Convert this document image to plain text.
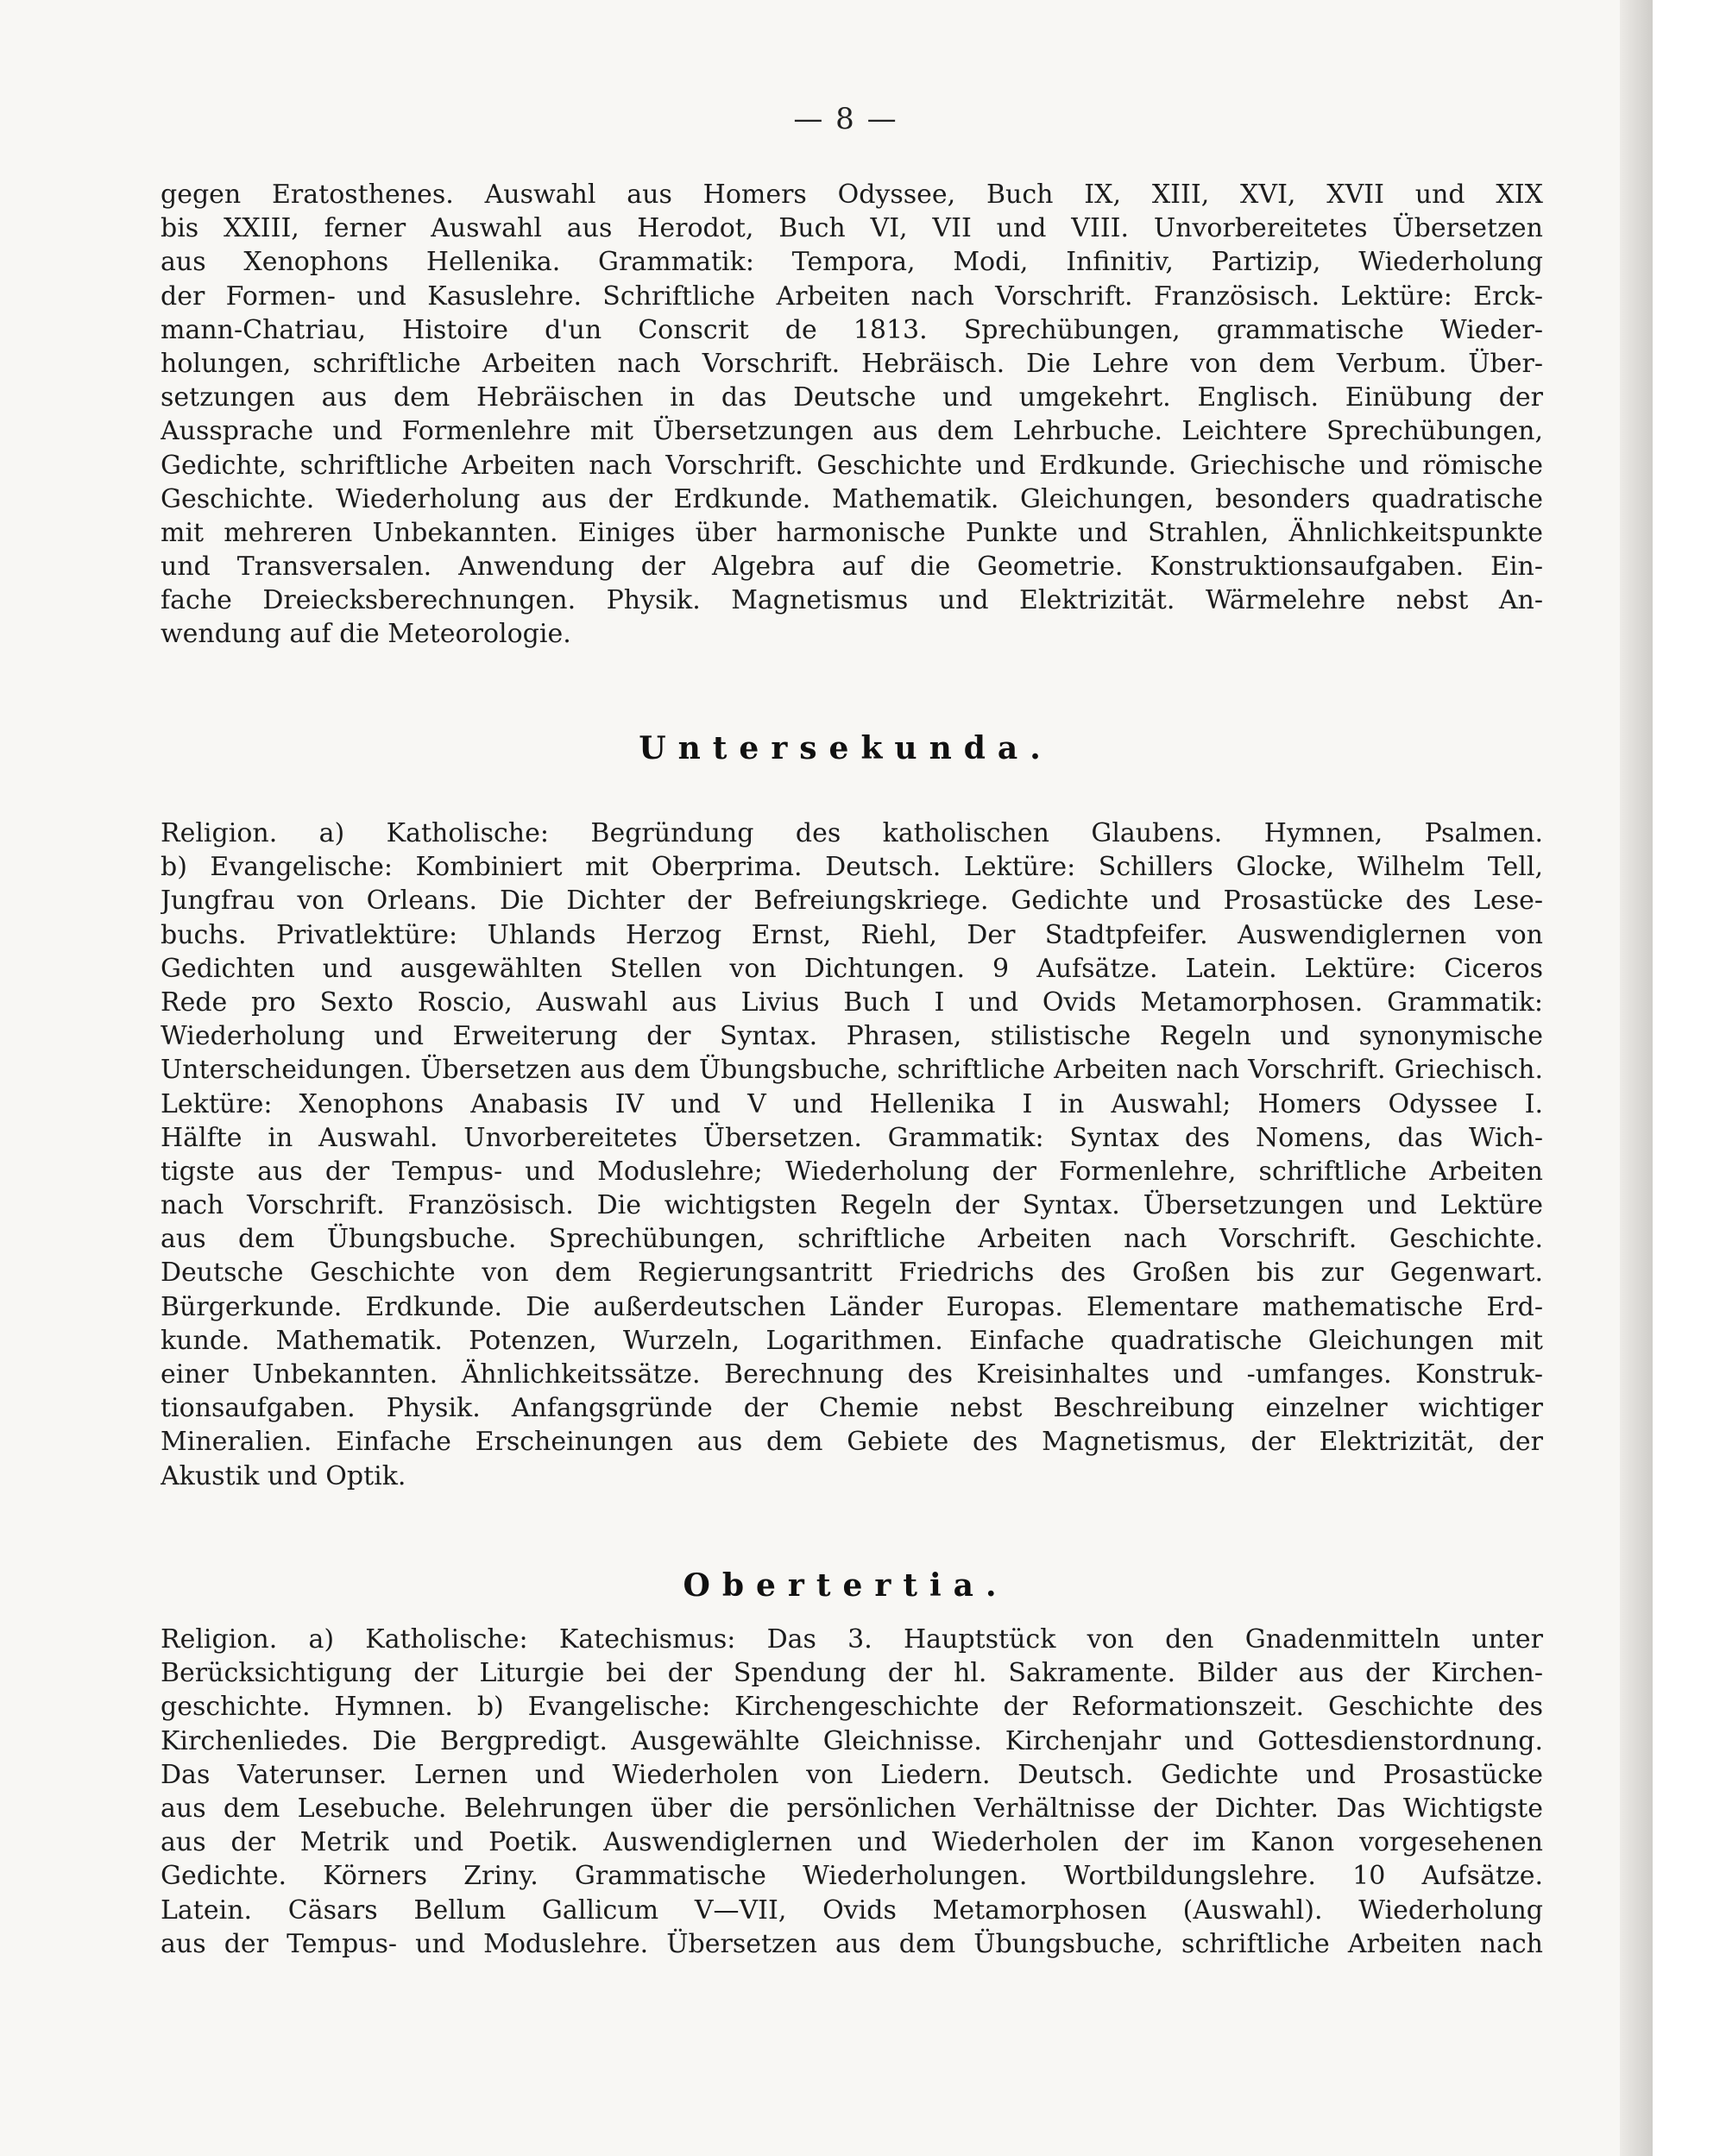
— 8 —
gegen Eratosthenes. Auswahl aus Homers Odyssee, Buch IX, XIII, XVI, XVII und XIX
bis XXIII, ferner Auswahl aus Herodot, Buch VI, VII und VIII. Unvorbereitetes Übersetzen
aus Xenophons Hellenika. Grammatik: Tempora, Modi, Infinitiv, Partizip, Wiederholung
der Formen- und Kasuslehre. Schriftliche Arbeiten nach Vorschrift. Französisch. Lektüre: Erck-
mann-Chatriau, Histoire d'un Conscrit de 1813. Sprechübungen, grammatische Wieder-
holungen, schriftliche Arbeiten nach Vorschrift. Hebräisch. Die Lehre von dem Verbum. Über-
setzungen aus dem Hebräischen in das Deutsche und umgekehrt. Englisch. Einübung der
Aussprache und Formenlehre mit Übersetzungen aus dem Lehrbuche. Leichtere Sprechübungen,
Gedichte, schriftliche Arbeiten nach Vorschrift. Geschichte und Erdkunde. Griechische und römische
Geschichte. Wiederholung aus der Erdkunde. Mathematik. Gleichungen, besonders quadratische
mit mehreren Unbekannten. Einiges über harmonische Punkte und Strahlen, Ähnlichkeitspunkte
und Transversalen. Anwendung der Algebra auf die Geometrie. Konstruktionsaufgaben. Ein-
fache Dreiecksberechnungen. Physik. Magnetismus und Elektrizität. Wärmelehre nebst An-
wendung auf die Meteorologie.
Untersekunda.
Religion. a) Katholische: Begründung des katholischen Glaubens. Hymnen, Psalmen.
b) Evangelische: Kombiniert mit Oberprima. Deutsch. Lektüre: Schillers Glocke, Wilhelm Tell,
Jungfrau von Orleans. Die Dichter der Befreiungskriege. Gedichte und Prosastücke des Lese-
buchs. Privatlektüre: Uhlands Herzog Ernst, Riehl, Der Stadtpfeifer. Auswendiglernen von
Gedichten und ausgewählten Stellen von Dichtungen. 9 Aufsätze. Latein. Lektüre: Ciceros
Rede pro Sexto Roscio, Auswahl aus Livius Buch I und Ovids Metamorphosen. Grammatik:
Wiederholung und Erweiterung der Syntax. Phrasen, stilistische Regeln und synonymische
Unterscheidungen. Übersetzen aus dem Übungsbuche, schriftliche Arbeiten nach Vorschrift. Griechisch.
Lektüre: Xenophons Anabasis IV und V und Hellenika I in Auswahl; Homers Odyssee I.
Hälfte in Auswahl. Unvorbereitetes Übersetzen. Grammatik: Syntax des Nomens, das Wich-
tigste aus der Tempus- und Moduslehre; Wiederholung der Formenlehre, schriftliche Arbeiten
nach Vorschrift. Französisch. Die wichtigsten Regeln der Syntax. Übersetzungen und Lektüre
aus dem Übungsbuche. Sprechübungen, schriftliche Arbeiten nach Vorschrift. Geschichte.
Deutsche Geschichte von dem Regierungsantritt Friedrichs des Großen bis zur Gegenwart.
Bürgerkunde. Erdkunde. Die außerdeutschen Länder Europas. Elementare mathematische Erd-
kunde. Mathematik. Potenzen, Wurzeln, Logarithmen. Einfache quadratische Gleichungen mit
einer Unbekannten. Ähnlichkeitssätze. Berechnung des Kreisinhaltes und -umfanges. Konstruk-
tionsaufgaben. Physik. Anfangsgründe der Chemie nebst Beschreibung einzelner wichtiger
Mineralien. Einfache Erscheinungen aus dem Gebiete des Magnetismus, der Elektrizität, der
Akustik und Optik.
Obertertia.
Religion. a) Katholische: Katechismus: Das 3. Hauptstück von den Gnadenmitteln unter
Berücksichtigung der Liturgie bei der Spendung der hl. Sakramente. Bilder aus der Kirchen-
geschichte. Hymnen. b) Evangelische: Kirchengeschichte der Reformationszeit. Geschichte des
Kirchenliedes. Die Bergpredigt. Ausgewählte Gleichnisse. Kirchenjahr und Gottesdienstordnung.
Das Vaterunser. Lernen und Wiederholen von Liedern. Deutsch. Gedichte und Prosastücke
aus dem Lesebuche. Belehrungen über die persönlichen Verhältnisse der Dichter. Das Wichtigste
aus der Metrik und Poetik. Auswendiglernen und Wiederholen der im Kanon vorgesehenen
Gedichte. Körners Zriny. Grammatische Wiederholungen. Wortbildungslehre. 10 Aufsätze.
Latein. Cäsars Bellum Gallicum V—VII, Ovids Metamorphosen (Auswahl). Wiederholung
aus der Tempus- und Moduslehre. Übersetzen aus dem Übungsbuche, schriftliche Arbeiten nach
